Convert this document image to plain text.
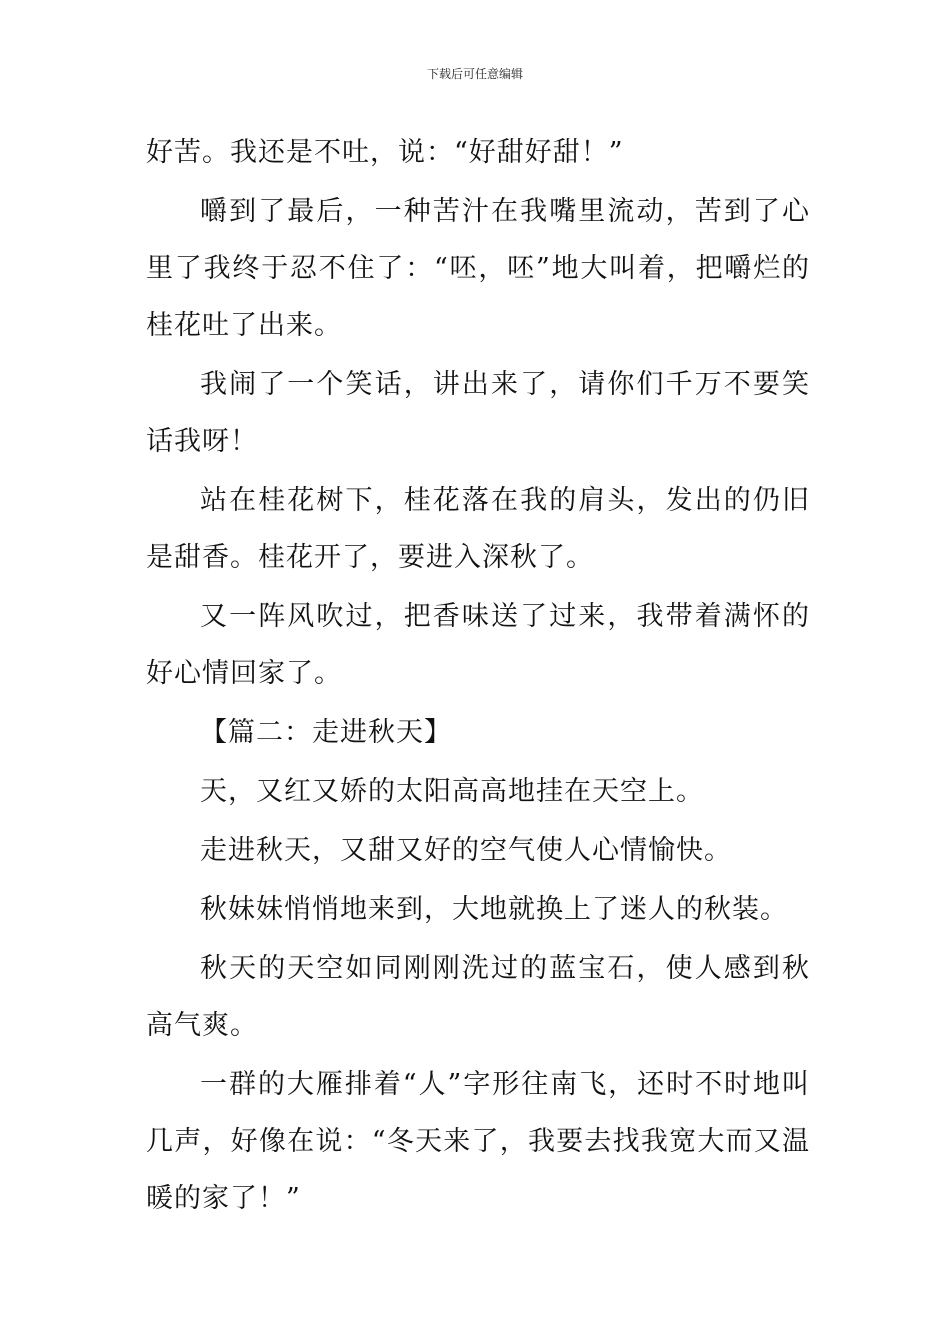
下载后可任意编辑

好苦。我还是不吐，说：“好甜好甜！”

嚼到了最后，一种苦汁在我嘴里流动，苦到了心里了我终于忍不住了：“呸，呸”地大叫着，把嚼烂的桂花吐了出来。

我闹了一个笑话，讲出来了，请你们千万不要笑话我呀！

站在桂花树下，桂花落在我的肩头，发出的仍旧是甜香。桂花开了，要进入深秋了。

又一阵风吹过，把香味送了过来，我带着满怀的好心情回家了。

【篇二：走进秋天】

天，又红又娇的太阳高高地挂在天空上。

走进秋天，又甜又好的空气使人心情愉快。

秋妹妹悄悄地来到，大地就换上了迷人的秋装。

秋天的天空如同刚刚洗过的蓝宝石，使人感到秋高气爽。

一群的大雁排着“人”字形往南飞，还时不时地叫几声，好像在说：“冬天来了，我要去找我宽大而又温暖的家了！”
